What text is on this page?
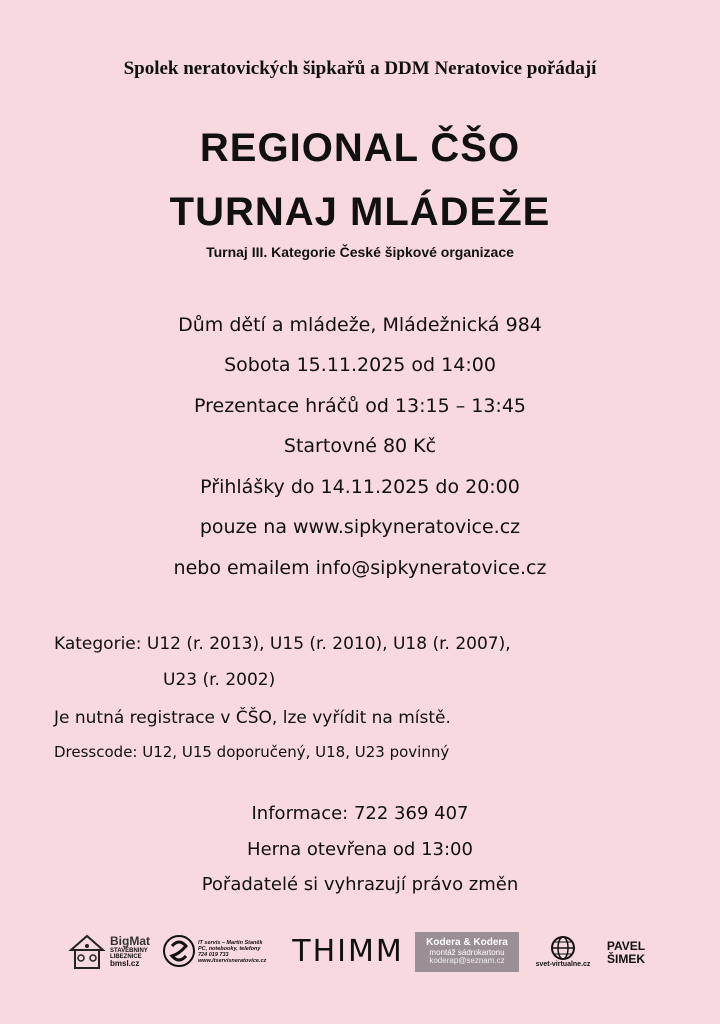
Spolek neratovických šipkařů a DDM Neratovice pořádají
REGIONAL ČŠO
TURNAJ MLÁDEŽE
Turnaj III. Kategorie České šipkové organizace
Dům dětí a mládeže, Mládežnická 984
Sobota 15.11.2025 od 14:00
Prezentace hráčů od 13:15 – 13:45
Startovné 80 Kč
Přihlášky do 14.11.2025 do 20:00
pouze na www.sipkyneratovice.cz
nebo emailem info@sipkyneratovice.cz
Kategorie: U12 (r. 2013), U15 (r. 2010), U18 (r. 2007),
U23 (r. 2002)
Je nutná registrace v ČŠO, lze vyřídit na místě.
Dresscode: U12, U15 doporučený, U18, U23 povinný
Informace: 722 369 407
Herna otevřena od 13:00
Pořadatelé si vyhrazují právo změn
BigMat
STAVEBNINY
LIBEZNICE
bmsl.cz
IT servis – Martin Staněk
PC, notebooky, telefony
724 019 733
www.itservisneratovice.cz THIMM Kodera & Kodera
montáž sádrokartonu
koderap@seznam.cz	svet-virtualne.cz
PAVEL
ŠIMEK
